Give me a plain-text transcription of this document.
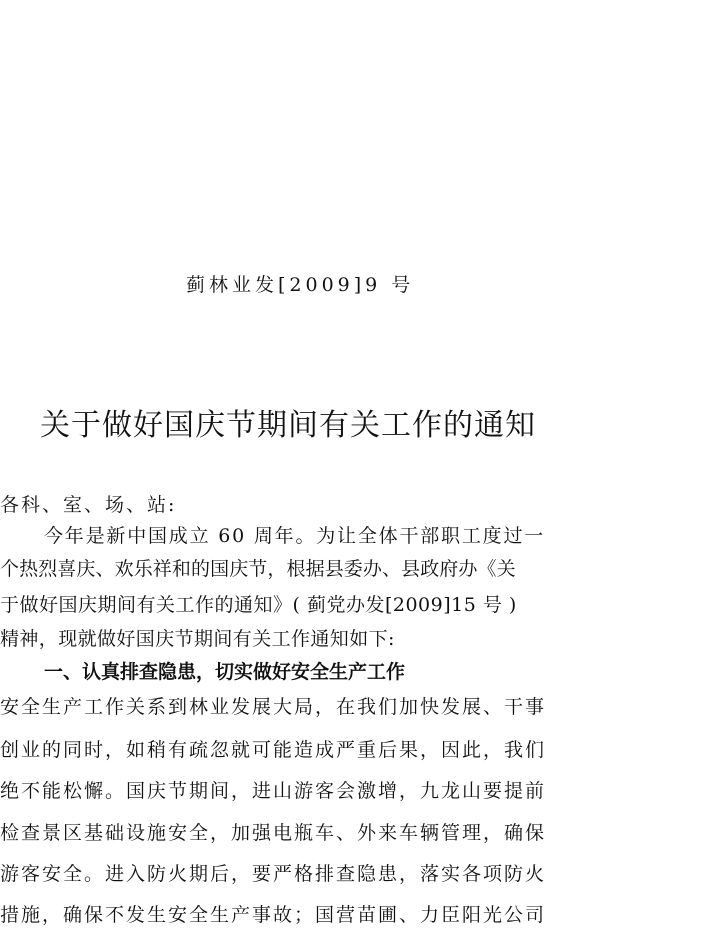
蓟林业发[2009]9 号
关于做好国庆节期间有关工作的通知
各科、室、场、站:
今年是新中国成立 60 周年。为让全体干部职工度过一
个热烈喜庆、欢乐祥和的国庆节，根据县委办、县政府办《关
于做好国庆期间有关工作的通知》( 蓟党办发[2009]15 号 )
精神，现就做好国庆节期间有关工作通知如下:
一、认真排查隐患，切实做好安全生产工作
安全生产工作关系到林业发展大局，在我们加快发展、干事
创业的同时，如稍有疏忽就可能造成严重后果，因此，我们
绝不能松懈。国庆节期间，进山游客会激增，九龙山要提前
检查景区基础设施安全，加强电瓶车、外来车辆管理，确保
游客安全。进入防火期后，要严格排查隐患，落实各项防火
措施，确保不发生安全生产事故；国营苗圃、力臣阳光公司
